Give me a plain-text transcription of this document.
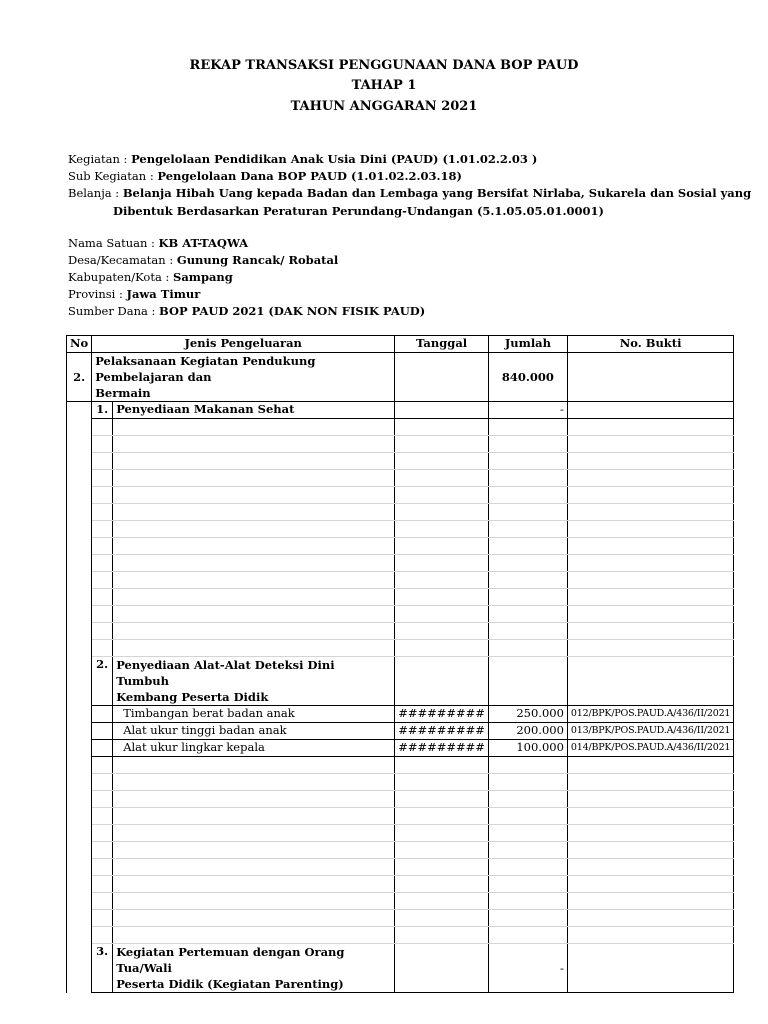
REKAP TRANSAKSI PENGGUNAAN DANA BOP PAUD
TAHAP 1
TAHUN ANGGARAN 2021
Kegiatan : Pengelolaan Pendidikan Anak Usia Dini (PAUD) (1.01.02.2.03 )
Sub Kegiatan : Pengelolaan Dana BOP PAUD (1.01.02.2.03.18)
Belanja : Belanja Hibah Uang kepada Badan dan Lembaga yang Bersifat Nirlaba, Sukarela dan Sosial yang
Dibentuk Berdasarkan Peraturan Perundang-Undangan (5.1.05.05.01.0001)
Nama Satuan : KB AT-TAQWA
Desa/Kecamatan : Gunung Rancak/ Robatal
Kabupaten/Kota : Sampang
Provinsi : Jawa Timur
Sumber Dana : BOP PAUD 2021 (DAK NON FISIK PAUD)
No	Jenis Pengeluaran		Tanggal	Jumlah	No. Bukti
2.	Pelaksanaan Kegiatan Pendukung Pembelajaran dan
Bermain			840.000	
	1.	Penyediaan Makanan Sehat		-	

	2.	Penyediaan Alat-Alat Deteksi Dini Tumbuh
Kembang Peserta Didik			

		Timbangan berat badan anak	#########	250.000	012/BPK/POS.PAUD.A/436/II/2021
		Alat ukur tinggi badan anak	#########	200.000	013/BPK/POS.PAUD.A/436/II/2021
		Alat ukur lingkar kepala	#########	100.000	014/BPK/POS.PAUD.A/436/II/2021

	3.	Kegiatan Pertemuan dengan Orang Tua/Wali
Peserta Didik (Kegiatan Parenting)		-	
